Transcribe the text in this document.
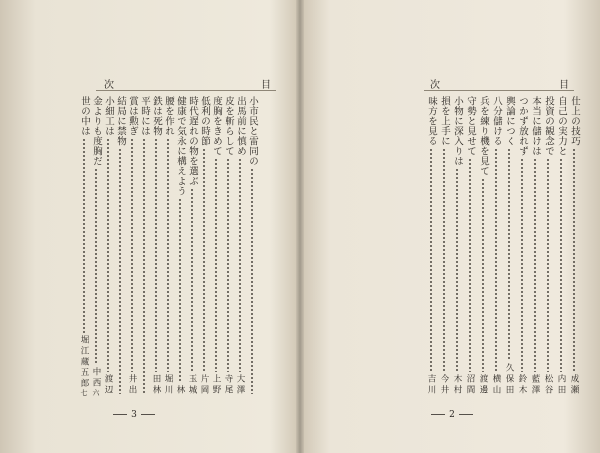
次	目
世の中は
堀江蔵五郎
七
金よりも度胸だ
中西
六
小細工は
渡辺
結局に禁物 賞は勲ぎ
井出
平時には 鉄は死物
田林
腰を作れ
堀川
健康で気永に構えよう
林
時代遅れの物を選ぶ
玉城
低利の時節
片岡
度胸をきめて
上野
皮を斬らして
寺尾
出馬前に慎め
大澤
小市民と雷同の
3
次	目
味方を見る
吉川
損を上手に
今井
小物に深入りは
木村
守勢と見せて
沼間
兵を練り機を見て
渡邊
八分儲ける
横山
輿論につく
久保田
つかず放れず
鈴木
本当に儲けは
藍澤
投資の観念で
松谷
自己の実力と
内田
仕上の技巧
成瀬
2
